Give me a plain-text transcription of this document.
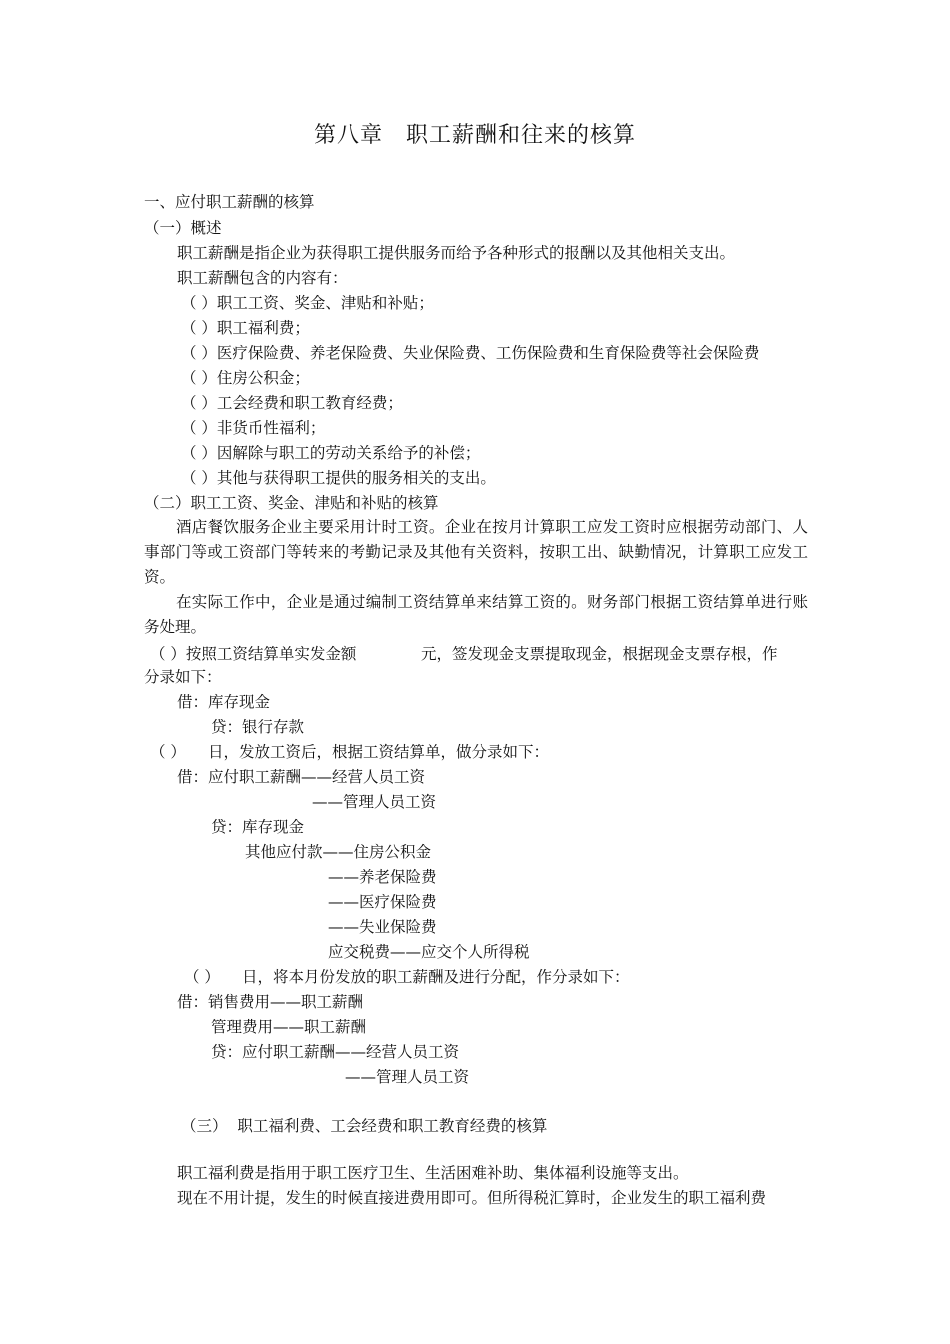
第八章　职工薪酬和往来的核算
一、应付职工薪酬的核算
（一）概述
职工薪酬是指企业为获得职工提供服务而给予各种形式的报酬以及其他相关支出。
职工薪酬包含的内容有：
（ ）职工工资、奖金、津贴和补贴；
（ ）职工福利费；
（ ）医疗保险费、养老保险费、失业保险费、工伤保险费和生育保险费等社会保险费
（ ）住房公积金；
（ ）工会经费和职工教育经费；
（ ）非货币性福利；
（ ）因解除与职工的劳动关系给予的补偿；
（ ）其他与获得职工提供的服务相关的支出。
（二）职工工资、奖金、津贴和补贴的核算
酒店餐饮服务企业主要采用计时工资。企业在按月计算职工应发工资时应根据劳动部门、人事部门等或工资部门等转来的考勤记录及其他有关资料，按职工出、缺勤情况，计算职工应发工资。
在实际工作中，企业是通过编制工资结算单来结算工资的。财务部门根据工资结算单进行账务处理。
（ ）按照工资结算单实发金额	元，签发现金支票提取现金，根据现金支票存根，作
分录如下：
借：库存现金
贷：银行存款
（ ） 日，发放工资后，根据工资结算单，做分录如下：
借：应付职工薪酬——经营人员工资
——管理人员工资
贷：库存现金
其他应付款——住房公积金
——养老保险费
——医疗保险费
——失业保险费
应交税费——应交个人所得税
（ ） 日，将本月份发放的职工薪酬及进行分配，作分录如下：
借：销售费用——职工薪酬
管理费用——职工薪酬
贷：应付职工薪酬——经营人员工资
——管理人员工资
（三）  职工福利费、工会经费和职工教育经费的核算
职工福利费是指用于职工医疗卫生、生活困难补助、集体福利设施等支出。
现在不用计提，发生的时候直接进费用即可。但所得税汇算时，企业发生的职工福利费
